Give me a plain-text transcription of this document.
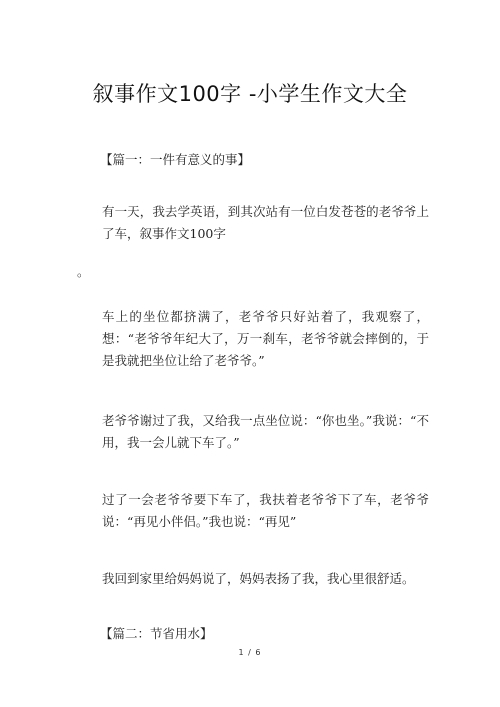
叙事作文100字 -小学生作文大全
【篇一：一件有意义的事】
有一天，我去学英语，到其次站有一位白发苍苍的老爷爷上了车，叙事作文100字
。
车上的坐位都挤满了，老爷爷只好站着了，我观察了，想：“老爷爷年纪大了，万一刹车，老爷爷就会摔倒的，于是我就把坐位让给了老爷爷。”
老爷爷谢过了我，又给我一点坐位说：“你也坐。”我说：“不用，我一会儿就下车了。”
过了一会老爷爷要下车了，我扶着老爷爷下了车，老爷爷说：“再见小伴侣。”我也说：“再见”
我回到家里给妈妈说了，妈妈表扬了我，我心里很舒适。
【篇二：节省用水】
1 / 6
